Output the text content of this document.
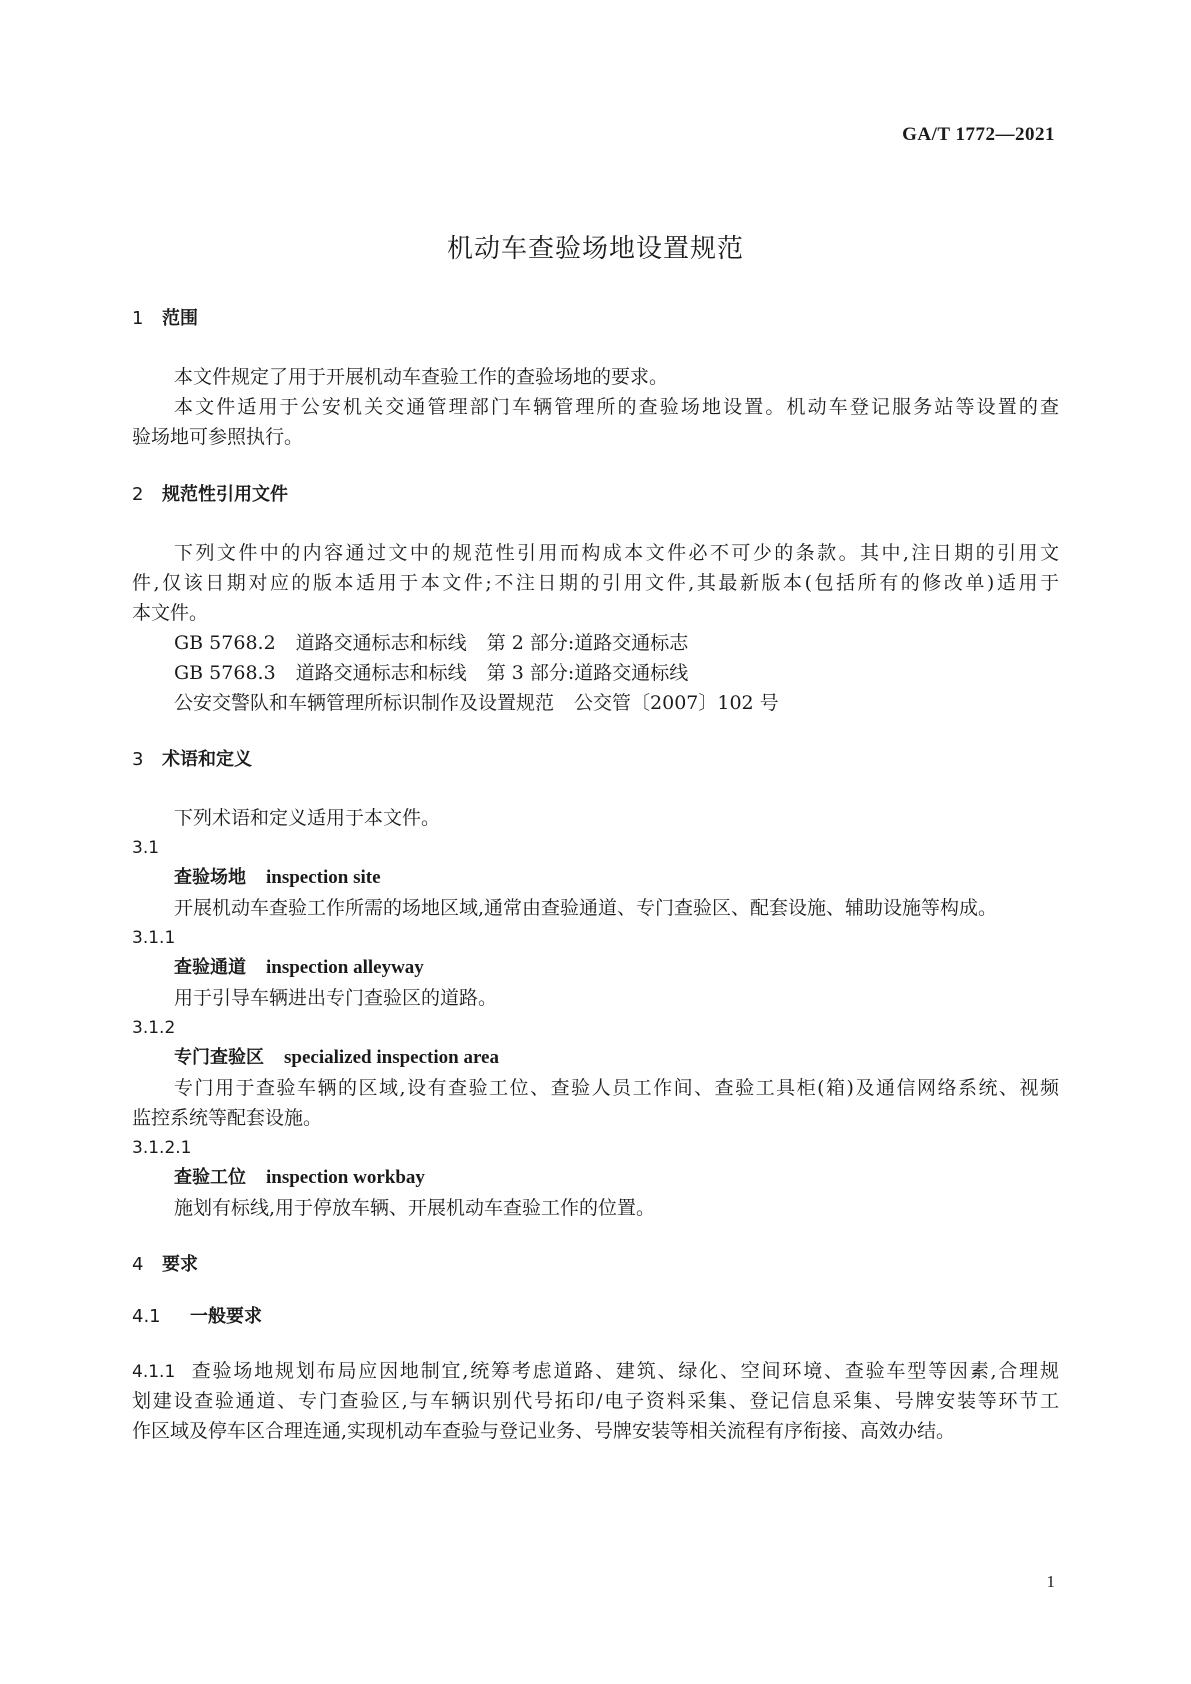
GA/T 1772—2021
机动车查验场地设置规范
1 范围
本文件规定了用于开展机动车查验工作的查验场地的要求。
本文件适用于公安机关交通管理部门车辆管理所的查验场地设置。机动车登记服务站等设置的查
验场地可参照执行。
2 规范性引用文件
下列文件中的内容通过文中的规范性引用而构成本文件必不可少的条款。其中,注日期的引用文
件,仅该日期对应的版本适用于本文件;不注日期的引用文件,其最新版本(包括所有的修改单)适用于
本文件。
GB 5768.2 道路交通标志和标线 第 2 部分:道路交通标志
GB 5768.3 道路交通标志和标线 第 3 部分:道路交通标线
公安交警队和车辆管理所标识制作及设置规范 公交管〔2007〕102 号
3 术语和定义
下列术语和定义适用于本文件。
3.1
查验场地 inspection site
开展机动车查验工作所需的场地区域,通常由查验通道、专门查验区、配套设施、辅助设施等构成。
3.1.1
查验通道 inspection alleyway
用于引导车辆进出专门查验区的道路。
3.1.2
专门查验区 specialized inspection area
专门用于查验车辆的区域,设有查验工位、查验人员工作间、查验工具柜(箱)及通信网络系统、视频
监控系统等配套设施。
3.1.2.1
查验工位 inspection workbay
施划有标线,用于停放车辆、开展机动车查验工作的位置。
4 要求
4.1 一般要求
4.1.1 查验场地规划布局应因地制宜,统筹考虑道路、建筑、绿化、空间环境、查验车型等因素,合理规
划建设查验通道、专门查验区,与车辆识别代号拓印/电子资料采集、登记信息采集、号牌安装等环节工
作区域及停车区合理连通,实现机动车查验与登记业务、号牌安装等相关流程有序衔接、高效办结。
1
